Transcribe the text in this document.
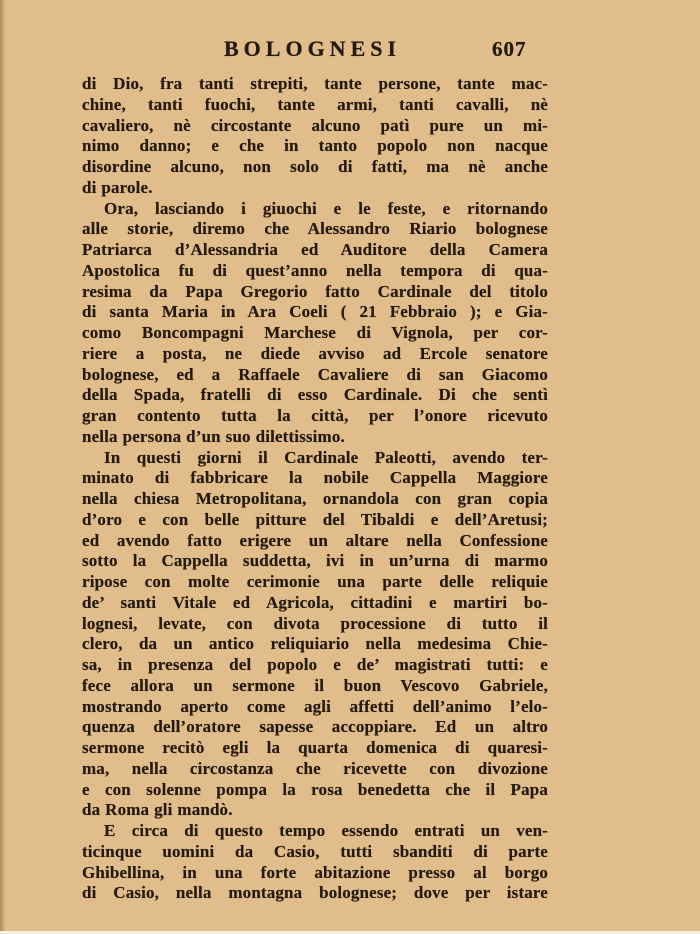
BOLOGNESI	607
di Dio, fra tanti strepiti, tante persone, tante mac-
chine, tanti fuochi, tante armi, tanti cavalli, nè
cavaliero, nè circostante alcuno patì pure un mi-
nimo danno; e che in tanto popolo non nacque
disordine alcuno, non solo di fatti, ma nè anche
di parole.
Ora, lasciando i giuochi e le feste, e ritornando
alle storie, diremo che Alessandro Riario bolognese
Patriarca d’Alessandria ed Auditore della Camera
Apostolica fu di quest’anno nella tempora di qua-
resima da Papa Gregorio fatto Cardinale del titolo
di santa Maria in Ara Coeli ( 21 Febbraio ); e Gia-
como Boncompagni Marchese di Vignola, per cor-
riere a posta, ne diede avviso ad Ercole senatore
bolognese, ed a Raffaele Cavaliere di san Giacomo
della Spada, fratelli di esso Cardinale. Di che sentì
gran contento tutta la città, per l’onore ricevuto
nella persona d’un suo dilettissimo.
In questi giorni il Cardinale Paleotti, avendo ter-
minato di fabbricare la nobile Cappella Maggiore
nella chiesa Metropolitana, ornandola con gran copia
d’oro e con belle pitture del Tibaldi e dell’Aretusi;
ed avendo fatto erigere un altare nella Confessione
sotto la Cappella suddetta, ivi in un’urna di marmo
ripose con molte cerimonie una parte delle reliquie
de’ santi Vitale ed Agricola, cittadini e martiri bo-
lognesi, levate, con divota processione di tutto il
clero, da un antico reliquiario nella medesima Chie-
sa, in presenza del popolo e de’ magistrati tutti: e
fece allora un sermone il buon Vescovo Gabriele,
mostrando aperto come agli affetti dell’animo l’elo-
quenza dell’oratore sapesse accoppiare. Ed un altro
sermone recitò egli la quarta domenica di quaresi-
ma, nella circostanza che ricevette con divozione
e con solenne pompa la rosa benedetta che il Papa
da Roma gli mandò.
E circa di questo tempo essendo entrati un ven-
ticinque uomini da Casio, tutti sbanditi di parte
Ghibellina, in una forte abitazione presso al borgo
di Casio, nella montagna bolognese; dove per istare
